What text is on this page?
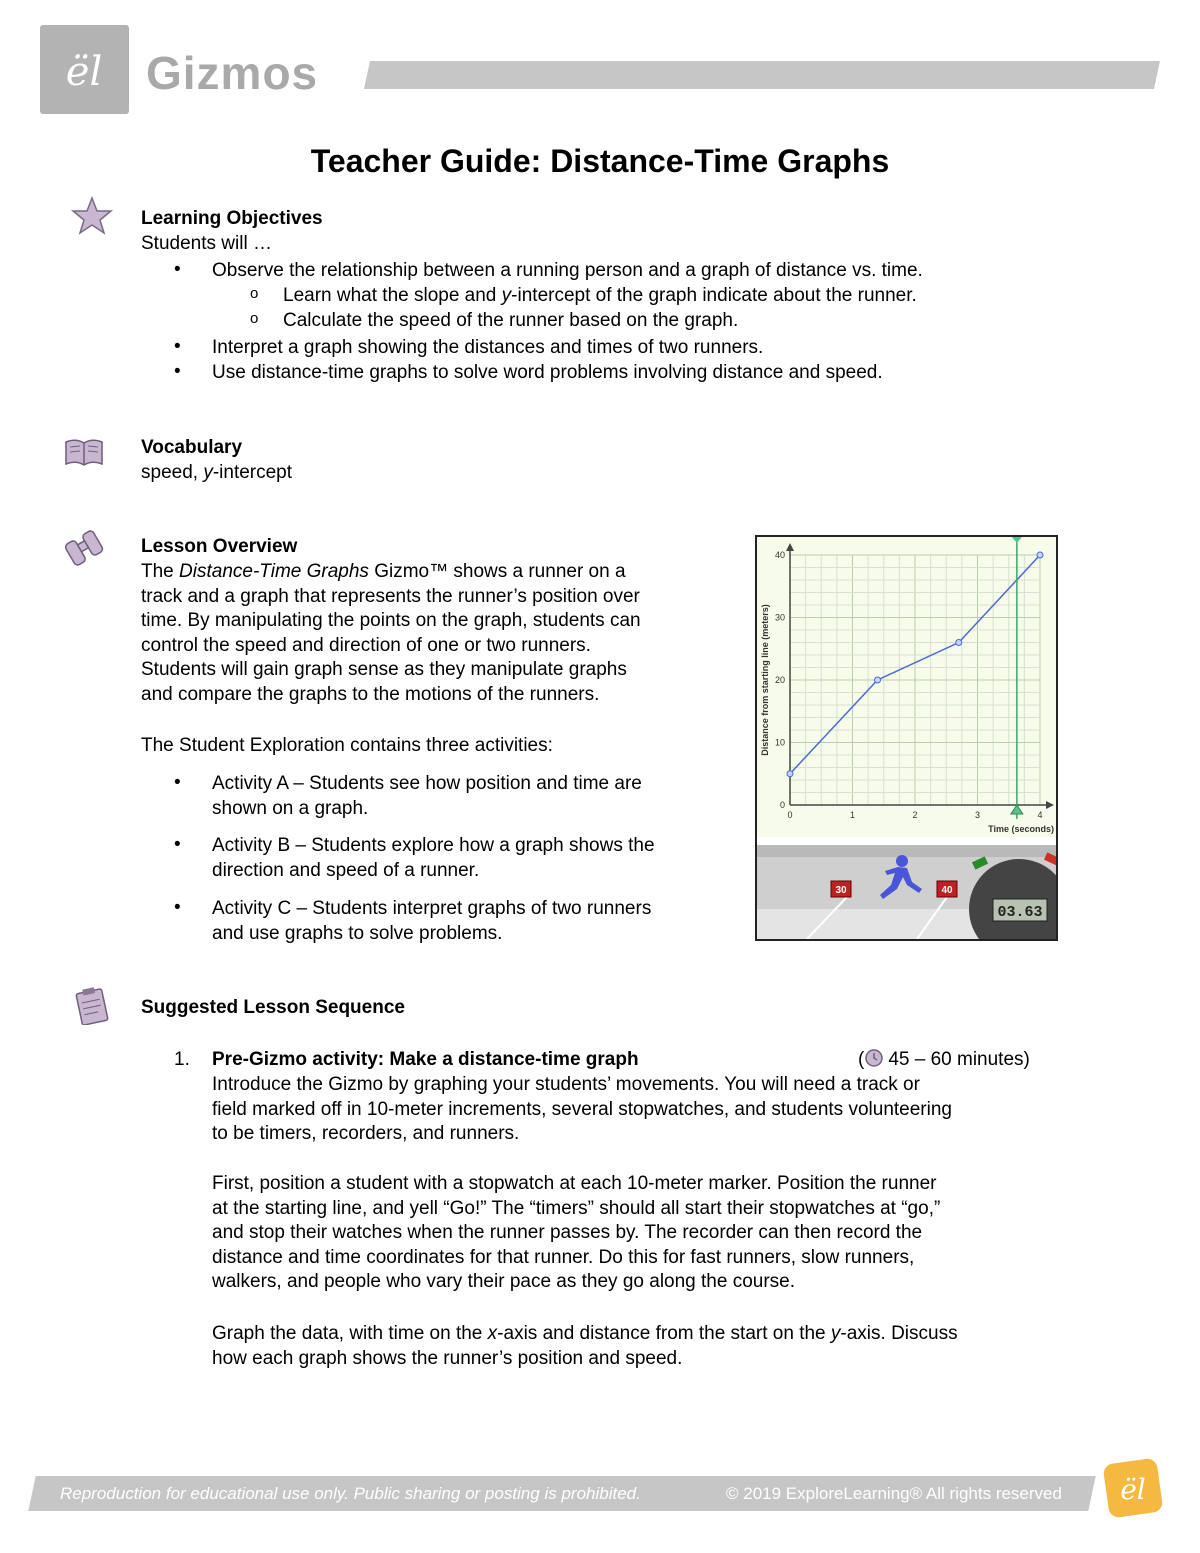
ël Gizmos
Teacher Guide: Distance-Time Graphs
Learning Objectives
Students will …
• Observe the relationship between a running person and a graph of distance vs. time.
o Learn what the slope and y-intercept of the graph indicate about the runner.
o Calculate the speed of the runner based on the graph.
• Interpret a graph showing the distances and times of two runners.
• Use distance-time graphs to solve word problems involving distance and speed.
Vocabulary
speed, y-intercept
Lesson Overview
The Distance-Time Graphs Gizmo™ shows a runner on a
track and a graph that represents the runner’s position over
time. By manipulating the points on the graph, students can
control the speed and direction of one or two runners.
Students will gain graph sense as they manipulate graphs
and compare the graphs to the motions of the runners.
The Student Exploration contains three activities:
• Activity A – Students see how position and time are
shown on a graph.
• Activity B – Students explore how a graph shows the
direction and speed of a runner.
• Activity C – Students interpret graphs of two runners
and use graphs to solve problems.
0	1	2	3	4
0
10
20
30
40
Distance from starting line (meters)
Time (seconds)
30	40
03.63
Suggested Lesson Sequence
1. Pre-Gizmo activity: Make a distance-time graph	( 45 – 60 minutes)
Introduce the Gizmo by graphing your students’ movements. You will need a track or
field marked off in 10-meter increments, several stopwatches, and students volunteering
to be timers, recorders, and runners.
First, position a student with a stopwatch at each 10-meter marker. Position the runner
at the starting line, and yell “Go!” The “timers” should all start their stopwatches at “go,”
and stop their watches when the runner passes by. The recorder can then record the
distance and time coordinates for that runner. Do this for fast runners, slow runners,
walkers, and people who vary their pace as they go along the course.
Graph the data, with time on the x-axis and distance from the start on the y-axis. Discuss
how each graph shows the runner’s position and speed.
Reproduction for educational use only. Public sharing or posting is prohibited.	© 2019 ExploreLearning® All rights reserved ël
